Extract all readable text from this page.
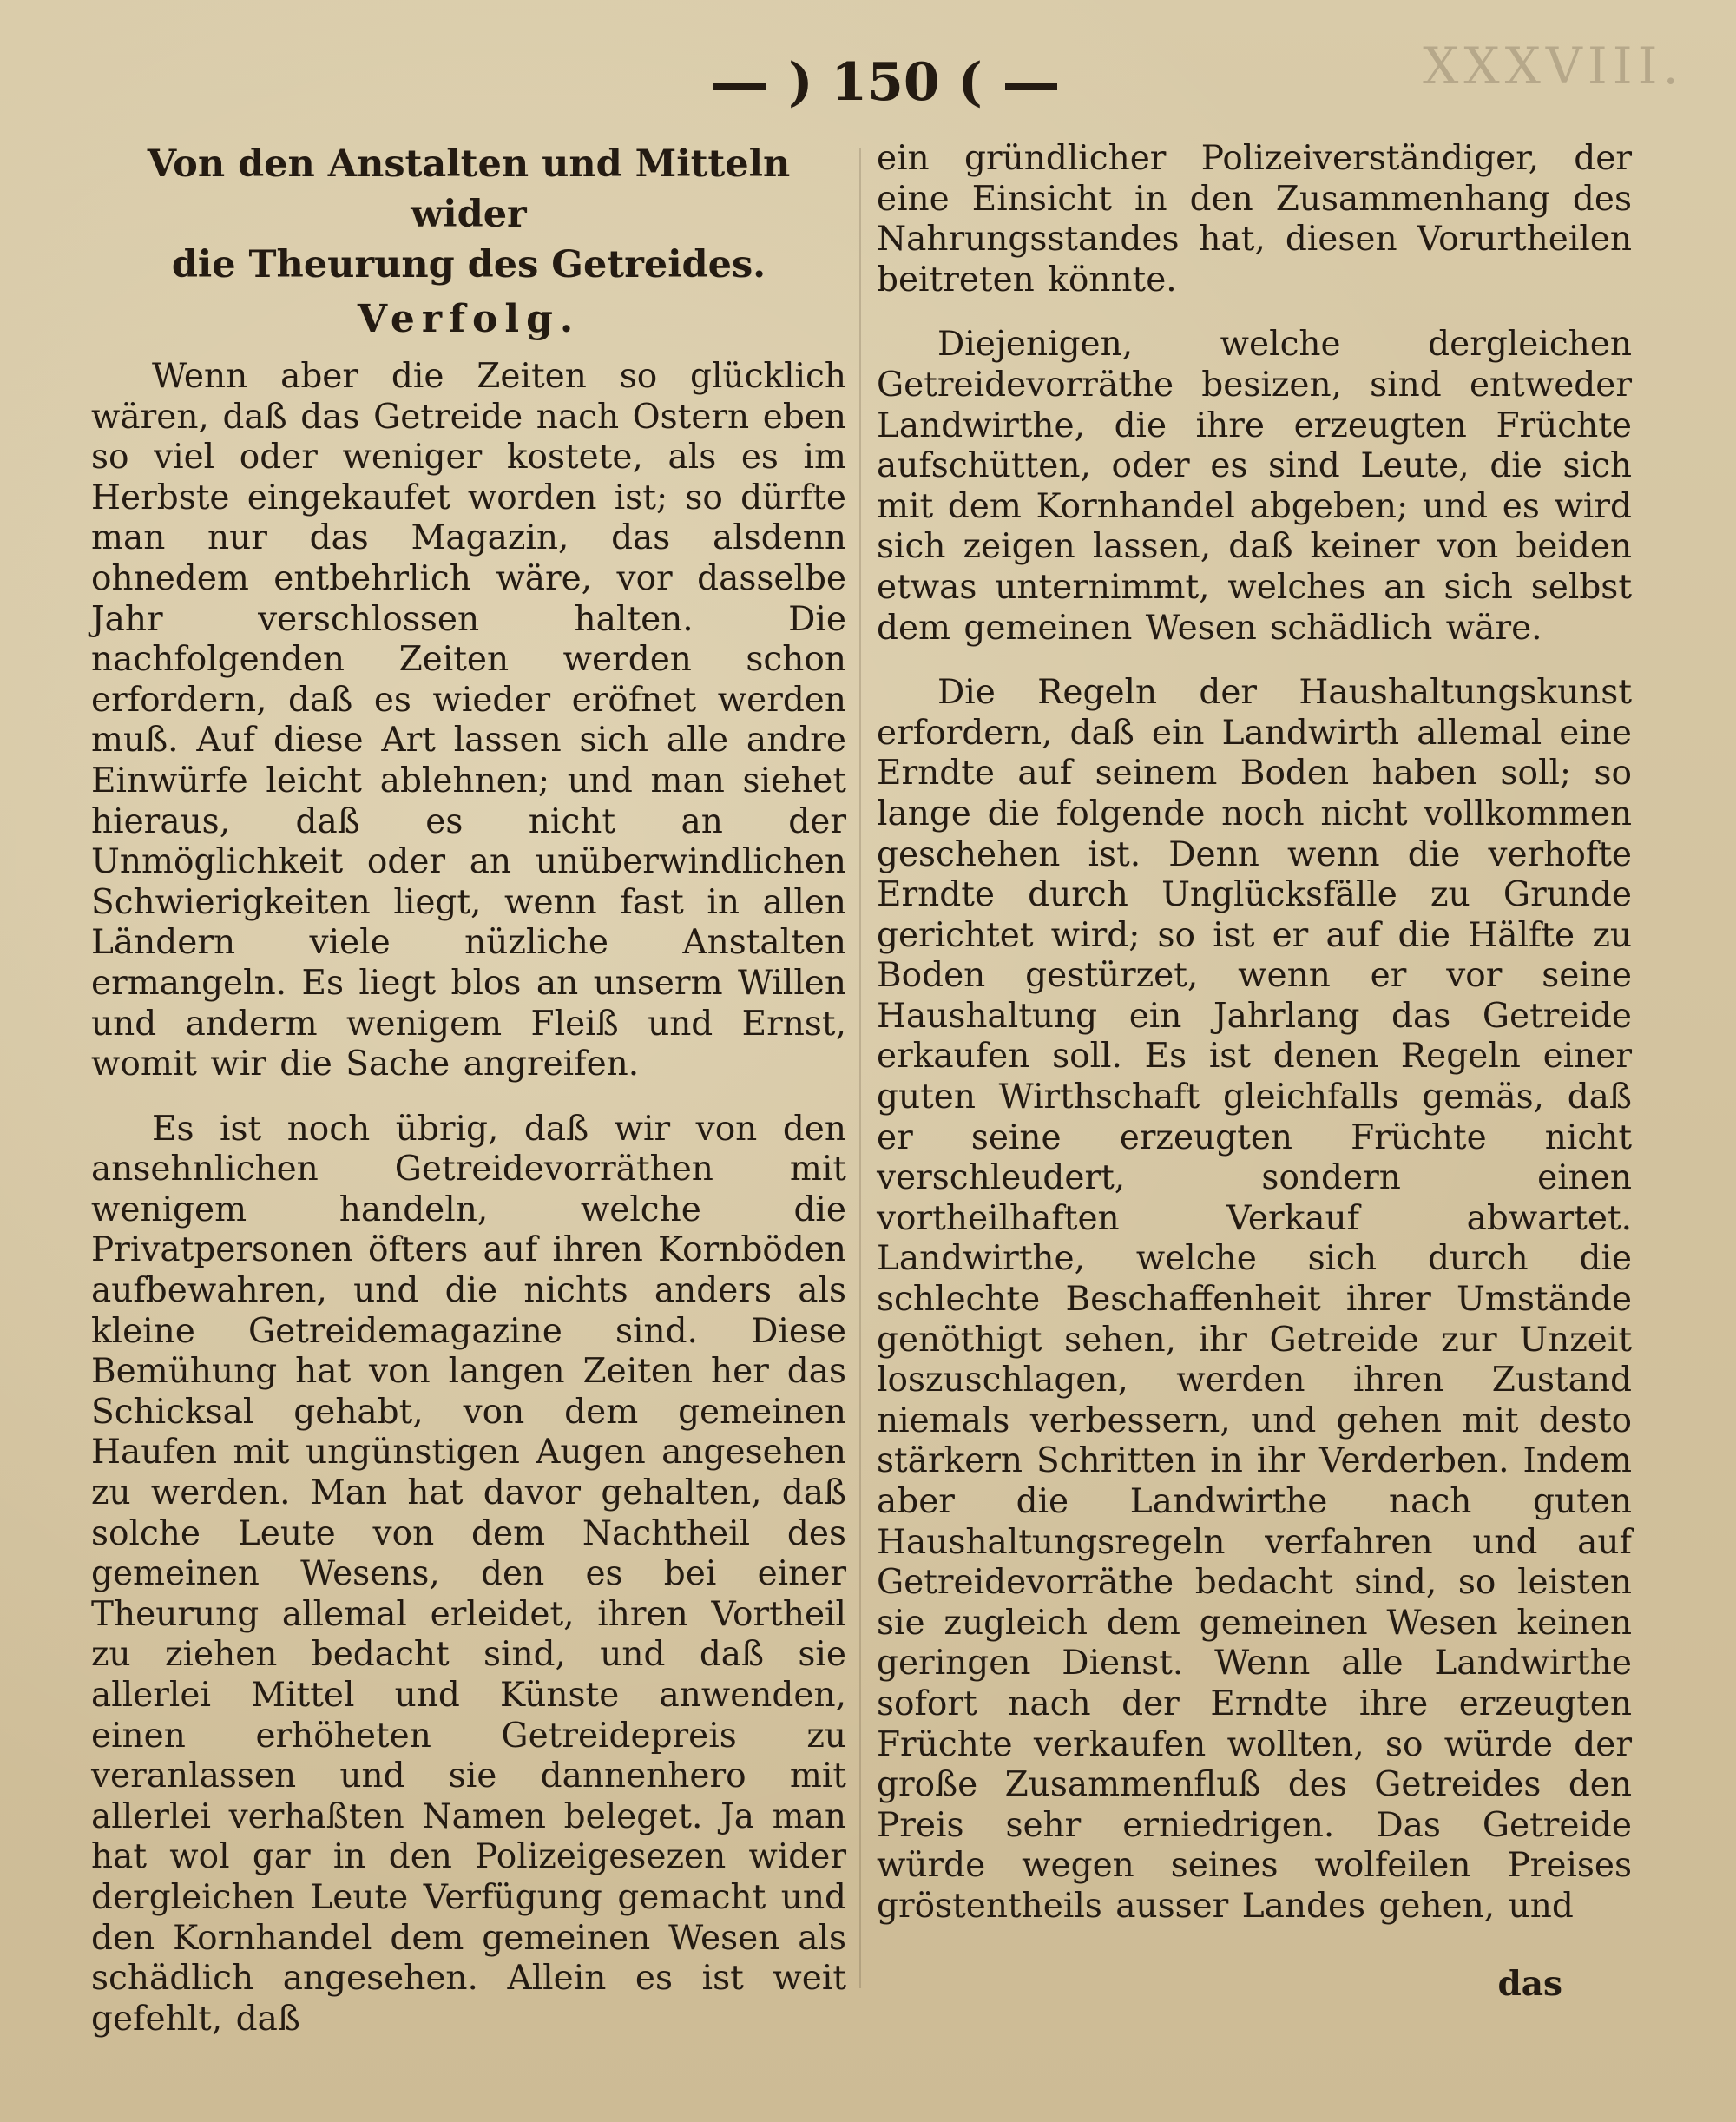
XXXVIII.
) 150 (
Von den Anstalten und Mitteln wider
die Theurung des Getreides.
Verfolg.

Wenn aber die Zeiten so glücklich wären, daß das Getreide nach Ostern eben so viel oder weniger kostete, als es im Herbste eingekaufet worden ist; so dürfte man nur das Magazin, das alsdenn ohnedem entbehrlich wäre, vor dasselbe Jahr verschlossen halten. Die nachfolgenden Zeiten werden schon erfordern, daß es wieder eröfnet werden muß. Auf diese Art lassen sich alle andre Einwürfe leicht ablehnen; und man siehet hieraus, daß es nicht an der Unmöglichkeit oder an unüberwindlichen Schwierigkeiten liegt, wenn fast in allen Ländern viele nüzliche Anstalten ermangeln. Es liegt blos an unserm Willen und anderm wenigem Fleiß und Ernst, womit wir die Sache angreifen.

Es ist noch übrig, daß wir von den ansehnlichen Getreidevorräthen mit wenigem handeln, welche die Privatpersonen öfters auf ihren Kornböden aufbewahren, und die nichts anders als kleine Getreidemagazine sind. Diese Bemühung hat von langen Zeiten her das Schicksal gehabt, von dem gemeinen Haufen mit ungünstigen Augen angesehen zu werden. Man hat davor gehalten, daß solche Leute von dem Nachtheil des gemeinen Wesens, den es bei einer Theurung allemal erleidet, ihren Vortheil zu ziehen bedacht sind, und daß sie allerlei Mittel und Künste anwenden, einen erhöheten Getreidepreis zu veranlassen und sie dannenhero mit allerlei verhaßten Namen beleget. Ja man hat wol gar in den Polizeigesezen wider dergleichen Leute Verfügung gemacht und den Kornhandel dem gemeinen Wesen als schädlich angesehen. Allein es ist weit gefehlt, daß

ein gründlicher Polizeiverständiger, der eine Einsicht in den Zusammenhang des Nahrungsstandes hat, diesen Vorurtheilen beitreten könnte.

Diejenigen, welche dergleichen Getreidevorräthe besizen, sind entweder Landwirthe, die ihre erzeugten Früchte aufschütten, oder es sind Leute, die sich mit dem Kornhandel abgeben; und es wird sich zeigen lassen, daß keiner von beiden etwas unternimmt, welches an sich selbst dem gemeinen Wesen schädlich wäre.

Die Regeln der Haushaltungskunst erfordern, daß ein Landwirth allemal eine Erndte auf seinem Boden haben soll; so lange die folgende noch nicht vollkommen geschehen ist. Denn wenn die verhofte Erndte durch Unglücksfälle zu Grunde gerichtet wird; so ist er auf die Hälfte zu Boden gestürzet, wenn er vor seine Haushaltung ein Jahrlang das Getreide erkaufen soll. Es ist denen Regeln einer guten Wirthschaft gleichfalls gemäs, daß er seine erzeugten Früchte nicht verschleudert, sondern einen vortheilhaften Verkauf abwartet. Landwirthe, welche sich durch die schlechte Beschaffenheit ihrer Umstände genöthigt sehen, ihr Getreide zur Unzeit loszuschlagen, werden ihren Zustand niemals verbessern, und gehen mit desto stärkern Schritten in ihr Verderben. Indem aber die Landwirthe nach guten Haushaltungsregeln verfahren und auf Getreidevorräthe bedacht sind, so leisten sie zugleich dem gemeinen Wesen keinen geringen Dienst. Wenn alle Landwirthe sofort nach der Erndte ihre erzeugten Früchte verkaufen wollten, so würde der große Zusammenfluß des Getreides den Preis sehr erniedrigen. Das Getreide würde wegen seines wolfeilen Preises gröstentheils ausser Landes gehen, und

das
